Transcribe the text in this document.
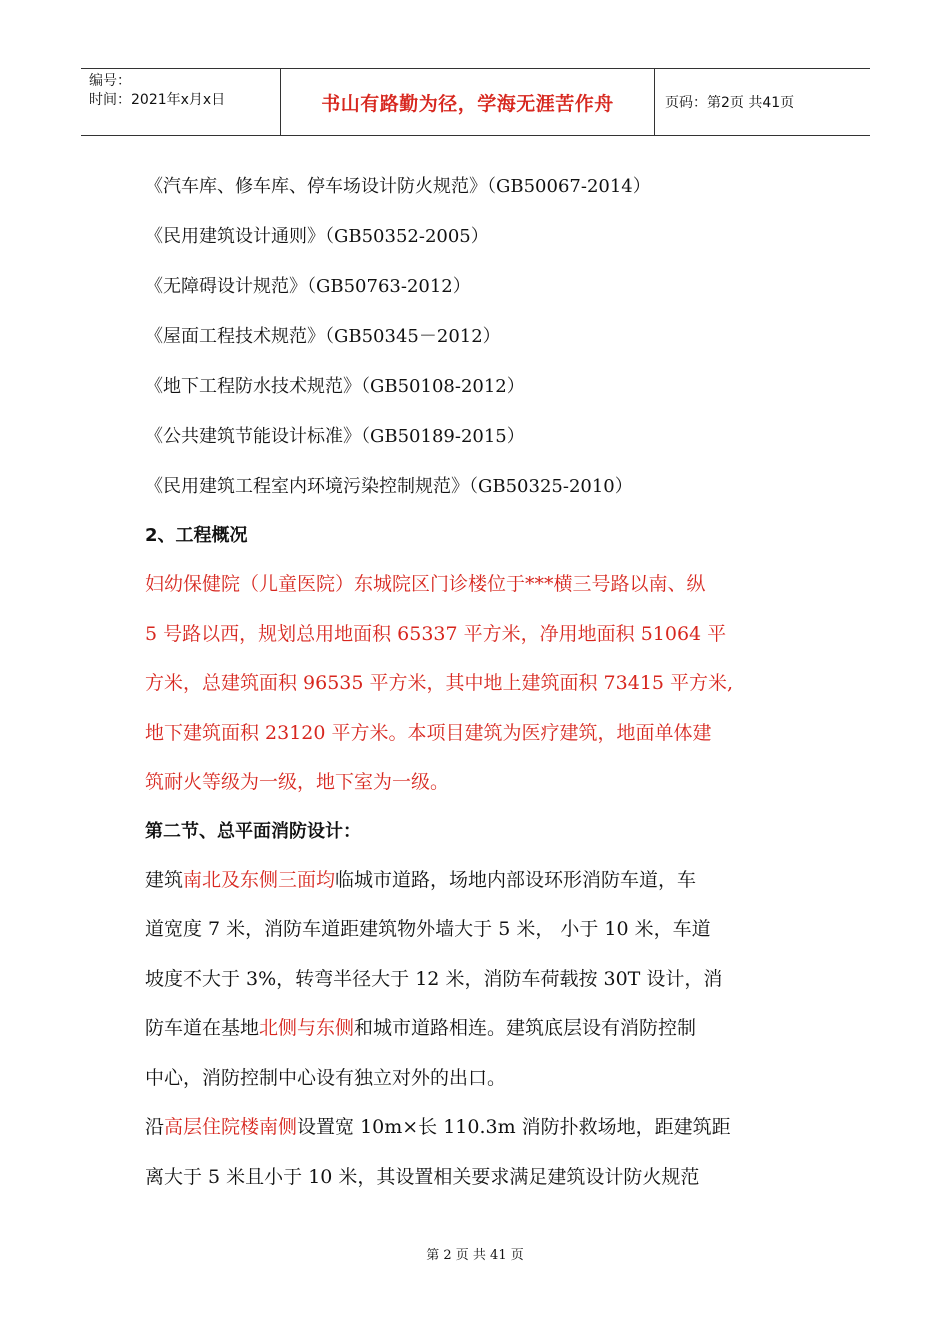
编号：
时间：2021年x月x日	书山有路勤为径，学海无涯苦作舟	页码：第2页 共41页
《汽车库、修车库、停车场设计防火规范》（GB50067-2014）
《民用建筑设计通则》（GB50352-2005）
《无障碍设计规范》（GB50763-2012）
《屋面工程技术规范》（GB50345－2012）
《地下工程防水技术规范》（GB50108-2012）
《公共建筑节能设计标准》（GB50189-2015）
《民用建筑工程室内环境污染控制规范》（GB50325-2010）
2、工程概况
妇幼保健院（儿童医院）东城院区门诊楼位于***横三号路以南、纵
5 号路以西，规划总用地面积 65337 平方米，净用地面积 51064 平
方米，总建筑面积 96535 平方米，其中地上建筑面积 73415 平方米,
地下建筑面积 23120 平方米。本项目建筑为医疗建筑，地面单体建
筑耐火等级为一级，地下室为一级。
第二节、总平面消防设计：
建筑南北及东侧三面均临城市道路，场地内部设环形消防车道，车
道宽度 7 米，消防车道距建筑物外墙大于 5 米， 小于 10 米，车道
坡度不大于 3%，转弯半径大于 12 米，消防车荷载按 30T 设计，消
防车道在基地北侧与东侧和城市道路相连。建筑底层设有消防控制
中心，消防控制中心设有独立对外的出口。
沿高层住院楼南侧设置宽 10m×长 110.3m 消防扑救场地，距建筑距
离大于 5 米且小于 10 米，其设置相关要求满足建筑设计防火规范
第 2 页 共 41 页
